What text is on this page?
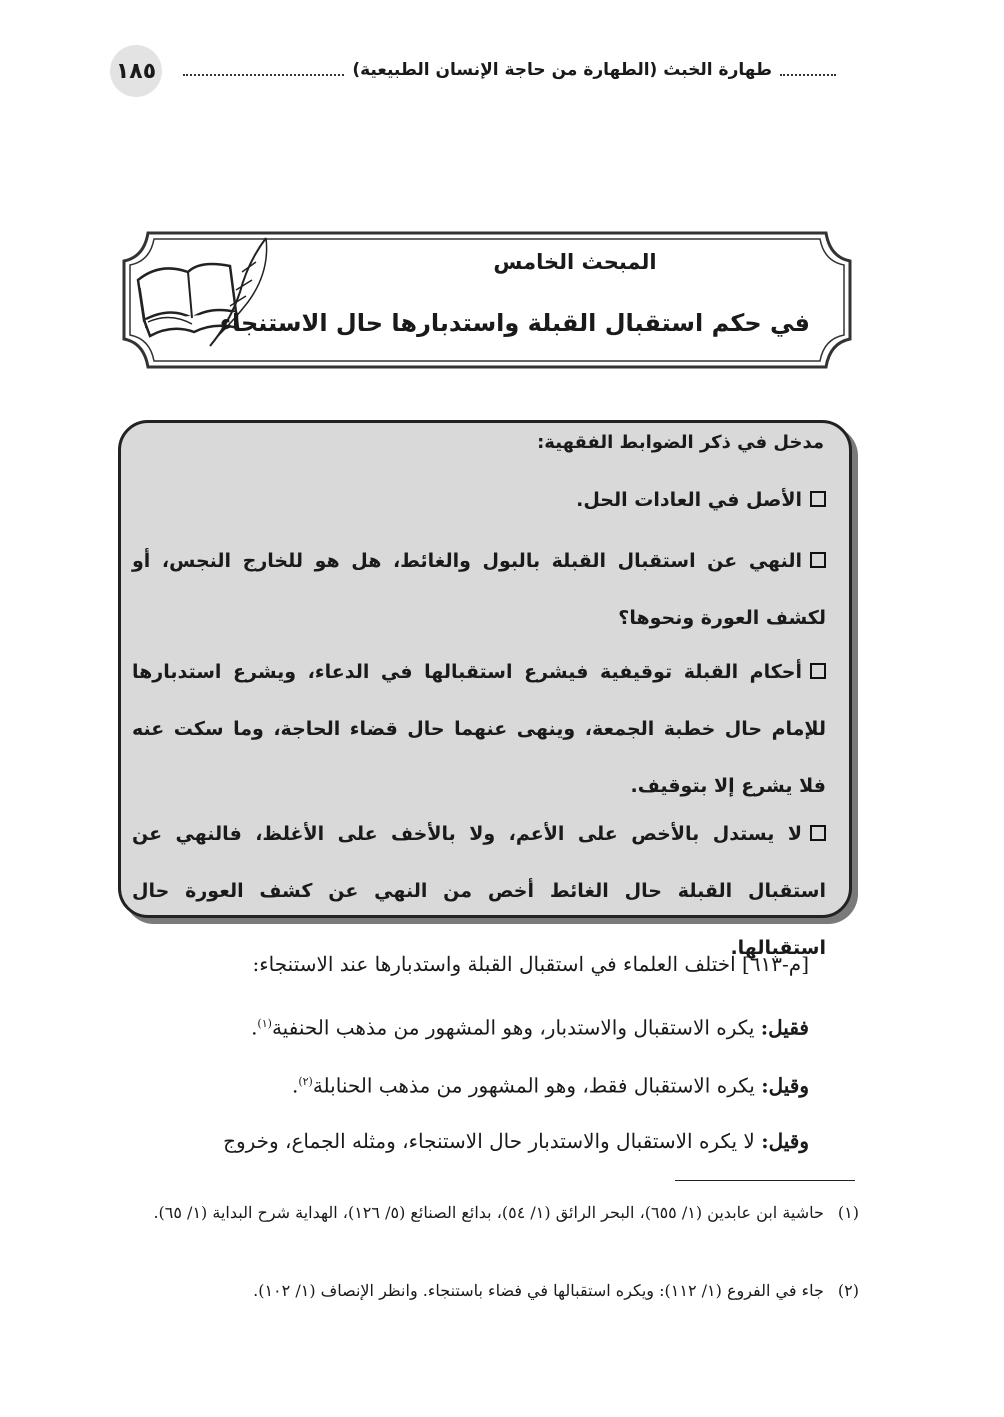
١٨٥	طهارة الخبث (الطهارة من حاجة الإنسان الطبيعية)
المبحث الخامس
في حكم استقبال القبلة واستدبارها حال الاستنجاء
مدخل في ذكر الضوابط الفقهية:
الأصل في العادات الحل.
النهي عن استقبال القبلة بالبول والغائط، هل هو للخارج النجس، أو لكشف العورة ونحوها؟
أحكام القبلة توقيفية فيشرع استقبالها في الدعاء، ويشرع استدبارها للإمام حال خطبة الجمعة، وينهى عنهما حال قضاء الحاجة، وما سكت عنه فلا يشرع إلا بتوقيف.
لا يستدل بالأخص على الأعم، ولا بالأخف على الأغلظ، فالنهي عن استقبال القبلة حال الغائط أخص من النهي عن كشف العورة حال استقبالها.
[م-٦١٣] اختلف العلماء في استقبال القبلة واستدبارها عند الاستنجاء:
فقيل: يكره الاستقبال والاستدبار، وهو المشهور من مذهب الحنفية$^{(١)}$.
وقيل: يكره الاستقبال فقط، وهو المشهور من مذهب الحنابلة$^{(٢)}$.
وقيل: لا يكره الاستقبال والاستدبار حال الاستنجاء، ومثله الجماع، وخروج
(١)حاشية ابن عابدين (١/ ٦٥٥)، البحر الرائق (١/ ٥٤)، بدائع الصنائع (٥/ ١٢٦)، الهداية شرح البداية (١/ ٦٥).
(٢)جاء في الفروع (١/ ١١٢): ويكره استقبالها في فضاء باستنجاء. وانظر الإنصاف (١/ ١٠٢).
